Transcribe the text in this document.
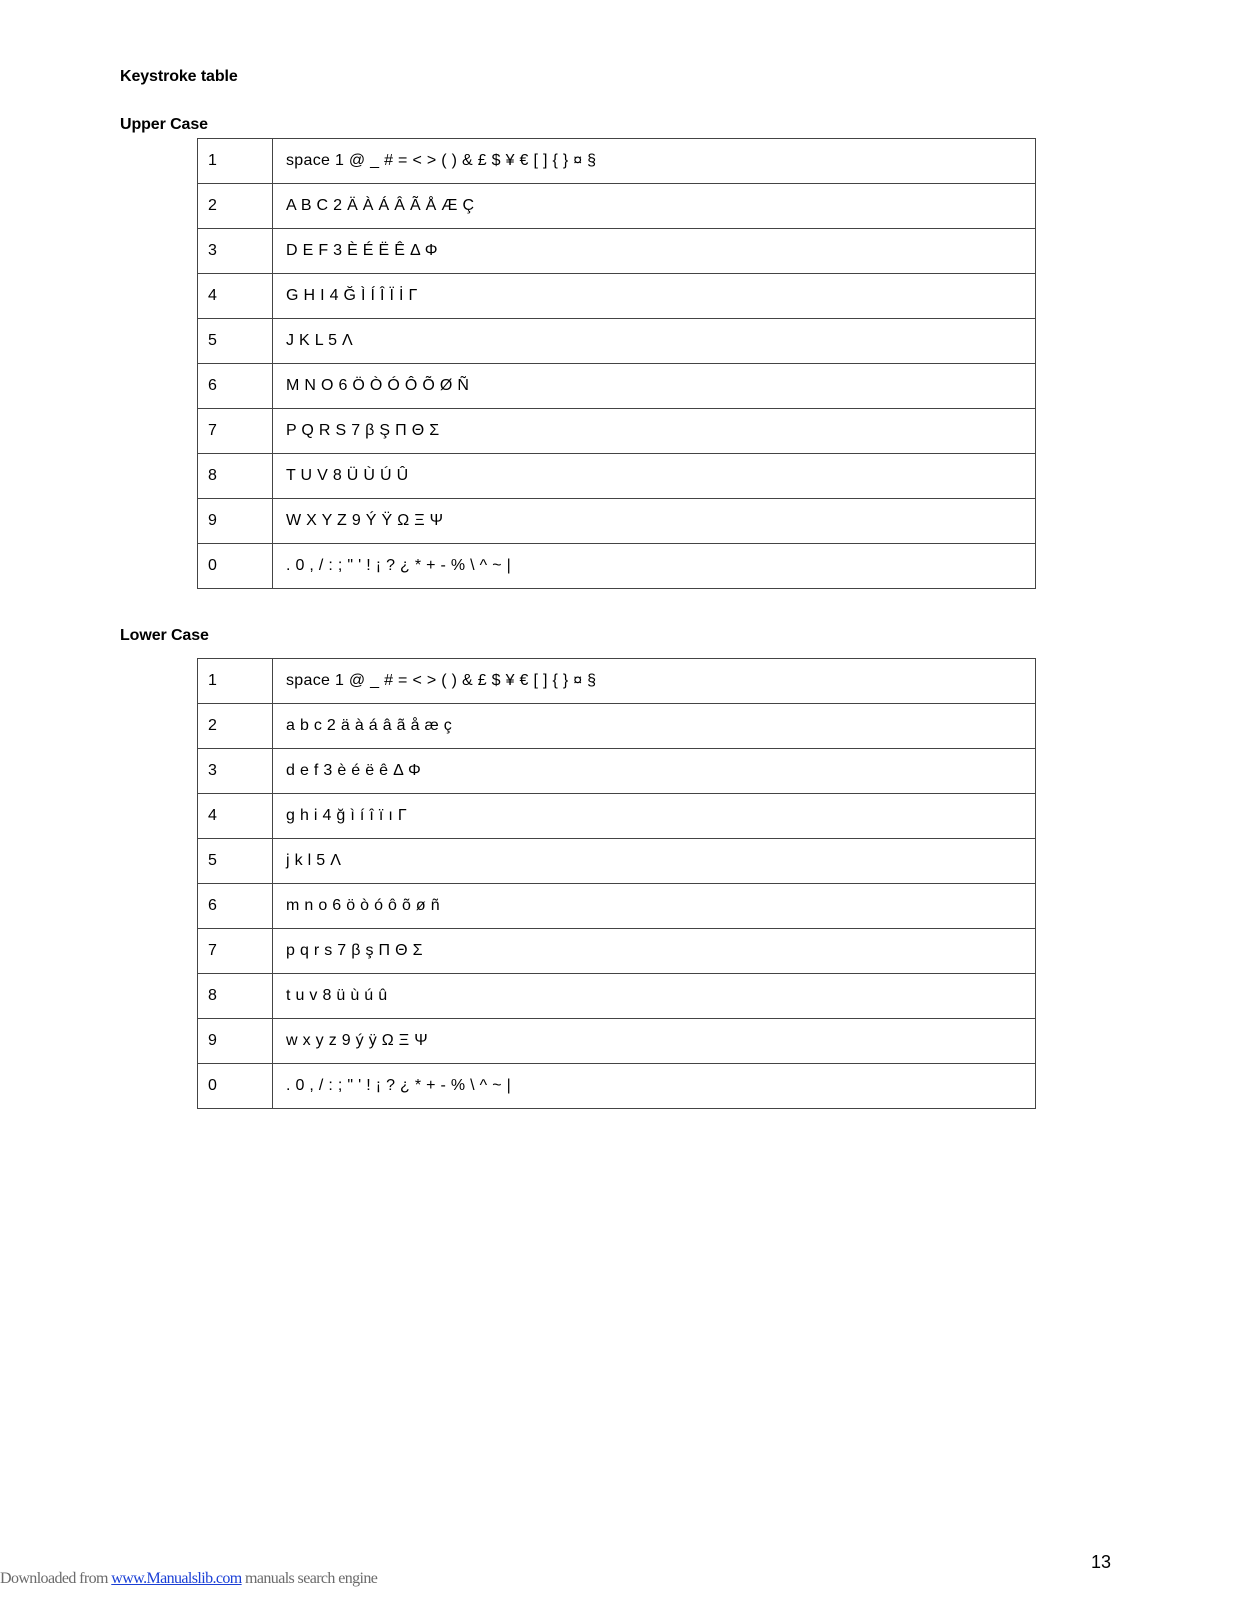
Keystroke table
Upper Case
1	space 1 @ _ # = < > ( ) & £ $ ¥ € [ ] { } ¤ §
2	A B C 2 Ä À Á Â Ã Å Æ Ç
3	D E F 3 È É Ë Ê Δ Φ
4	G H I 4 Ğ Ì Í Î Ï İ Γ
5	J K L 5 Λ
6	M N O 6 Ö Ò Ó Ô Õ Ø Ñ
7	P Q R S 7 β Ş Π Θ Σ
8	T U V 8 Ü Ù Ú Û
9	W X Y Z 9 Ý Ÿ Ω Ξ Ψ
0	. 0 , / : ; " ' ! ¡ ? ¿ * + - % \ ^ ~ |
Lower Case
1	space 1 @ _ # = < > ( ) & £ $ ¥ € [ ] { } ¤ §
2	a b c 2 ä à á â ã å æ ç
3	d e f 3 è é ë ê Δ Φ
4	g h i 4 ğ ì í î ï ı Γ
5	j k l 5 Λ
6	m n o 6 ö ò ó ô õ ø ñ
7	p q r s 7 β ş Π Θ Σ
8	t u v 8 ü ù ú û
9	w x y z 9 ý ÿ Ω Ξ Ψ
0	. 0 , / : ; " ' ! ¡ ? ¿ * + - % \ ^ ~ |
Downloaded from www.Manualslib.com manuals search engine
13
